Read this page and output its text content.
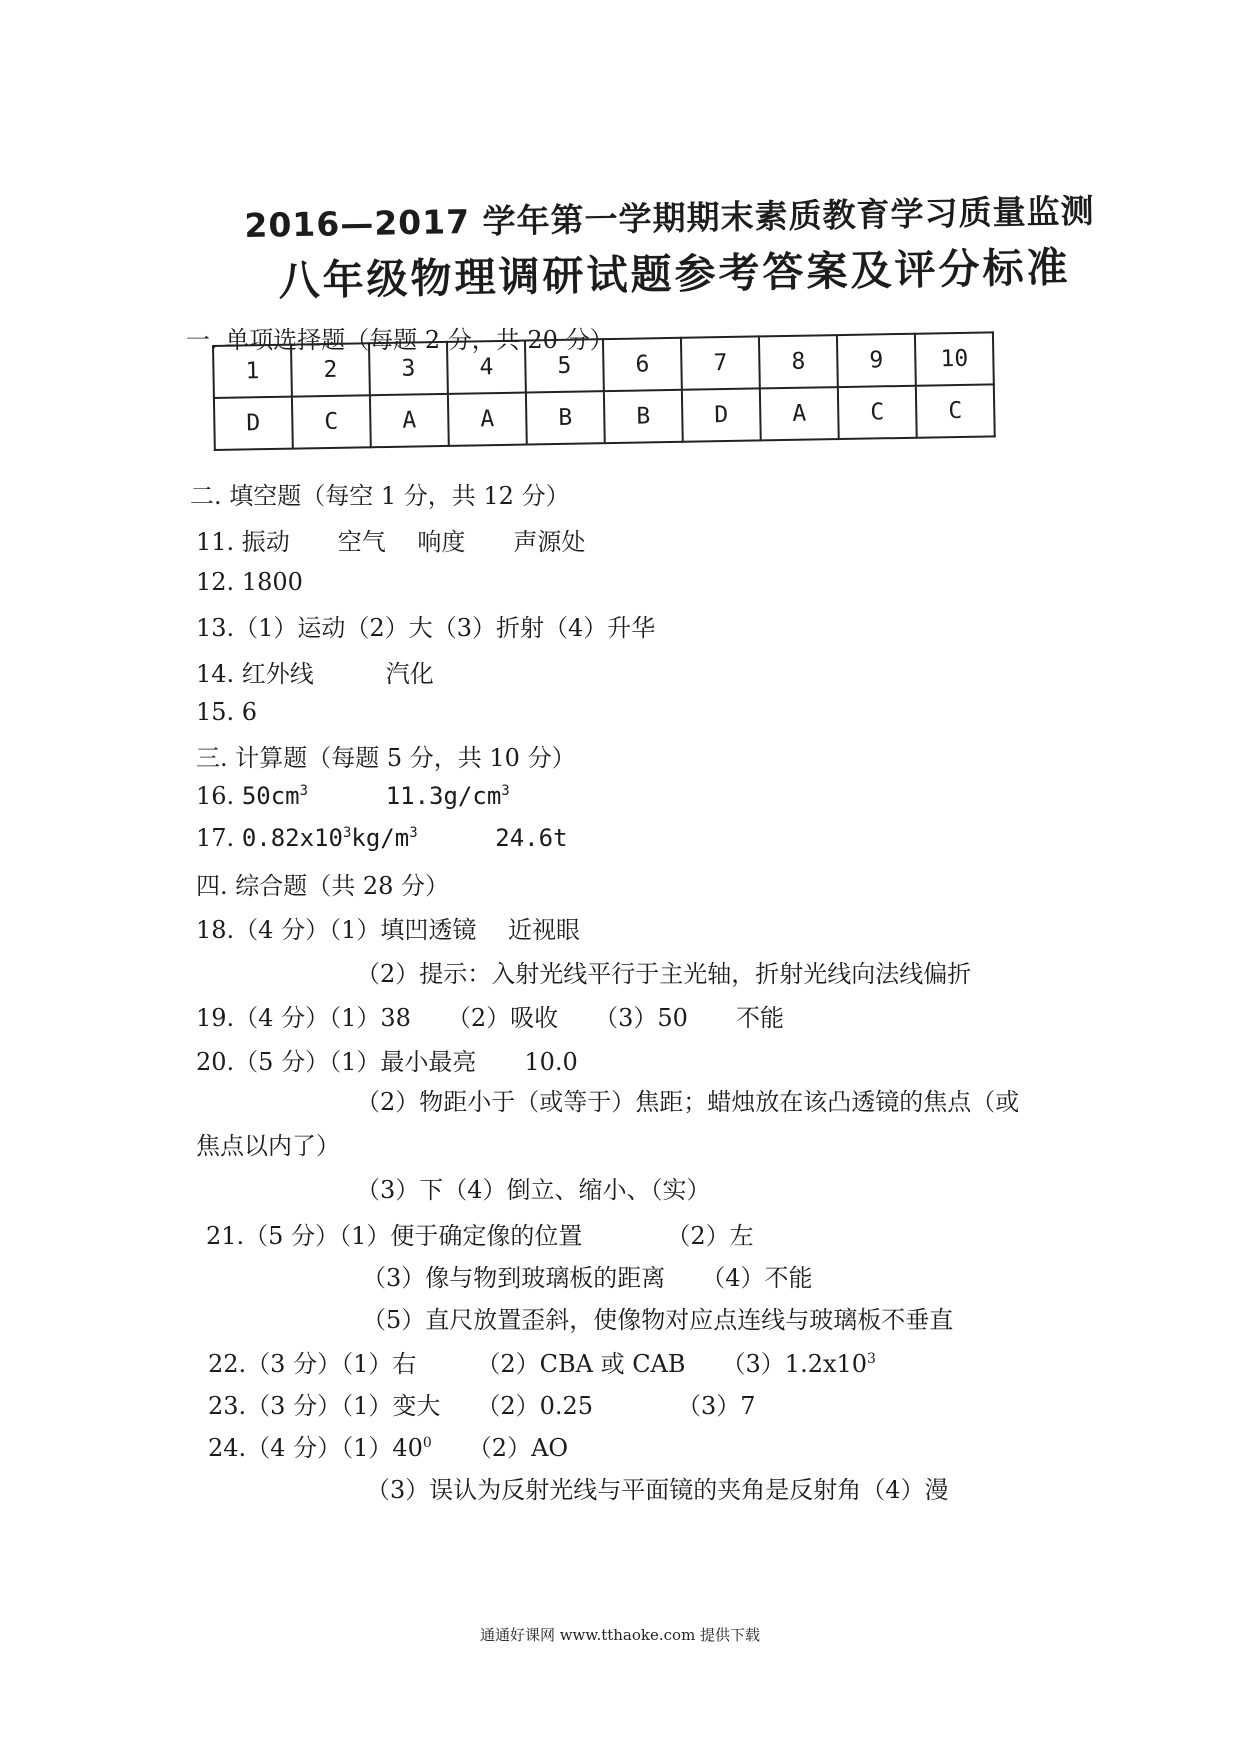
2016—2017 学年第一学期期末素质教育学习质量监测
八年级物理调研试题参考答案及评分标准
一. 单项选择题（每题 2 分，共 20 分）
1	2	3	4	5	6	7	8	9	10
D	C	A	A	B	B	D	A	C	C
二. 填空题（每空 1 分，共 12 分）
11. 振动　　空气　 响度　　声源处
12. 1800
13.（1）运动（2）大（3）折射（4）升华
14. 红外线　　　汽化
15. 6
三. 计算题（每题 5 分，共 10 分）
16. $50cm^3$	$11.3g/cm^3$
17. $0.82x10^3kg/m^3$	24.6t
四. 综合题（共 28 分）
18.（4 分）（1）填凹透镜　 近视眼
（2）提示：入射光线平行于主光轴，折射光线向法线偏折
19.（4 分）（1）38　　（2）吸收　　（3）50　　不能
20.（5 分）（1）最小最亮　　10.0
（2）物距小于（或等于）焦距；蜡烛放在该凸透镜的焦点（或
焦点以内了）
（3）下（4）倒立、缩小、（实）
21.（5 分）（1）便于确定像的位置　　　　（2）左
（3）像与物到玻璃板的距离　　（4）不能
（5）直尺放置歪斜，使像物对应点连线与玻璃板不垂直
22.（3 分）（1）右　　　（2）CBA 或 CAB　　$(3)1.2x10^3$
23.（3 分）（1）变大　　（2）0.25　　　　（3）7
24.（4 分）$(1)40^0$　　（2）AO
（3）误认为反射光线与平面镜的夹角是反射角（4）漫
通通好课网 www.tthaoke.com 提供下载
